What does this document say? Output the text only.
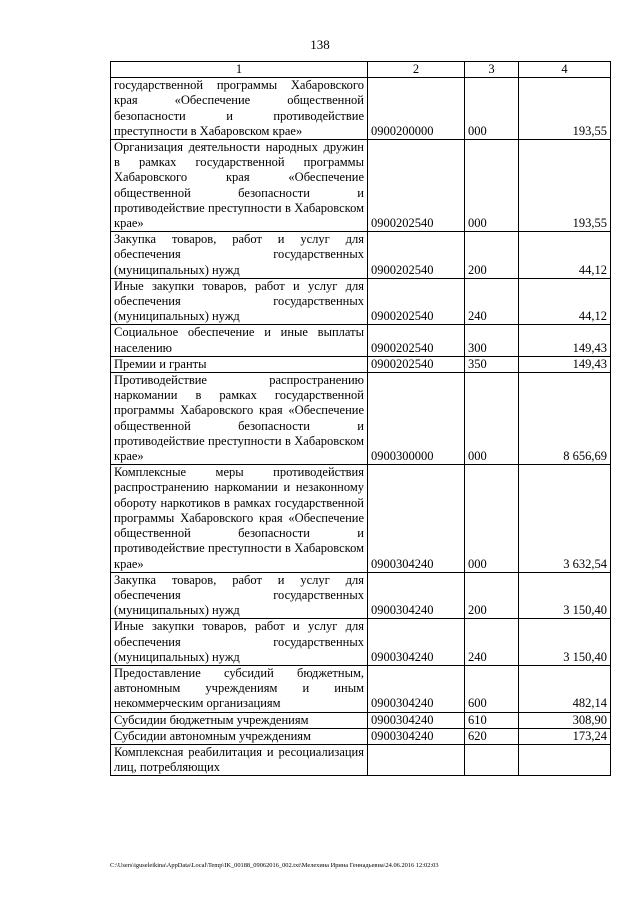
138
1	2	3	4
государственной программы Хабаровского края «Обеспечение общественной безопасности и противодействие преступности в Хабаровском крае»	0900200000	000	193,55
Организация деятельности народных дружин в рамках государственной программы Хабаровского края «Обеспечение общественной безопасности и противодействие преступности в Хабаровском крае»	0900202540	000	193,55
Закупка товаров, работ и услуг для обеспечения государственных (муниципальных) нужд	0900202540	200	44,12
Иные закупки товаров, работ и услуг для обеспечения государственных (муниципальных) нужд	0900202540	240	44,12
Социальное обеспечение и иные выплаты населению	0900202540	300	149,43
Премии и гранты	0900202540	350	149,43
Противодействие распространению наркомании в рамках государственной программы Хабаровского края «Обеспечение общественной безопасности и противодействие преступности в Хабаровском крае»	0900300000	000	8 656,69
Комплексные меры противодействия распространению наркомании и незаконному обороту наркотиков в рамках государственной программы Хабаровского края «Обеспечение общественной безопасности и противодействие преступности в Хабаровском крае»	0900304240	000	3 632,54
Закупка товаров, работ и услуг для обеспечения государственных (муниципальных) нужд	0900304240	200	3 150,40
Иные закупки товаров, работ и услуг для обеспечения государственных (муниципальных) нужд	0900304240	240	3 150,40
Предоставление субсидий бюджетным, автономным учреждениям и иным некоммерческим организациям	0900304240	600	482,14
Субсидии бюджетным учреждениям	0900304240	610	308,90
Субсидии автономным учреждениям	0900304240	620	173,24
Комплексная реабилитация и ресоциализация лиц, потребляющих			
C:\Users\iguseleikina\AppData\Local\Temp\IK_00188_09062016_002.txt\Мелехина Ирина Геннадьевна\24.06.2016 12:02:03
